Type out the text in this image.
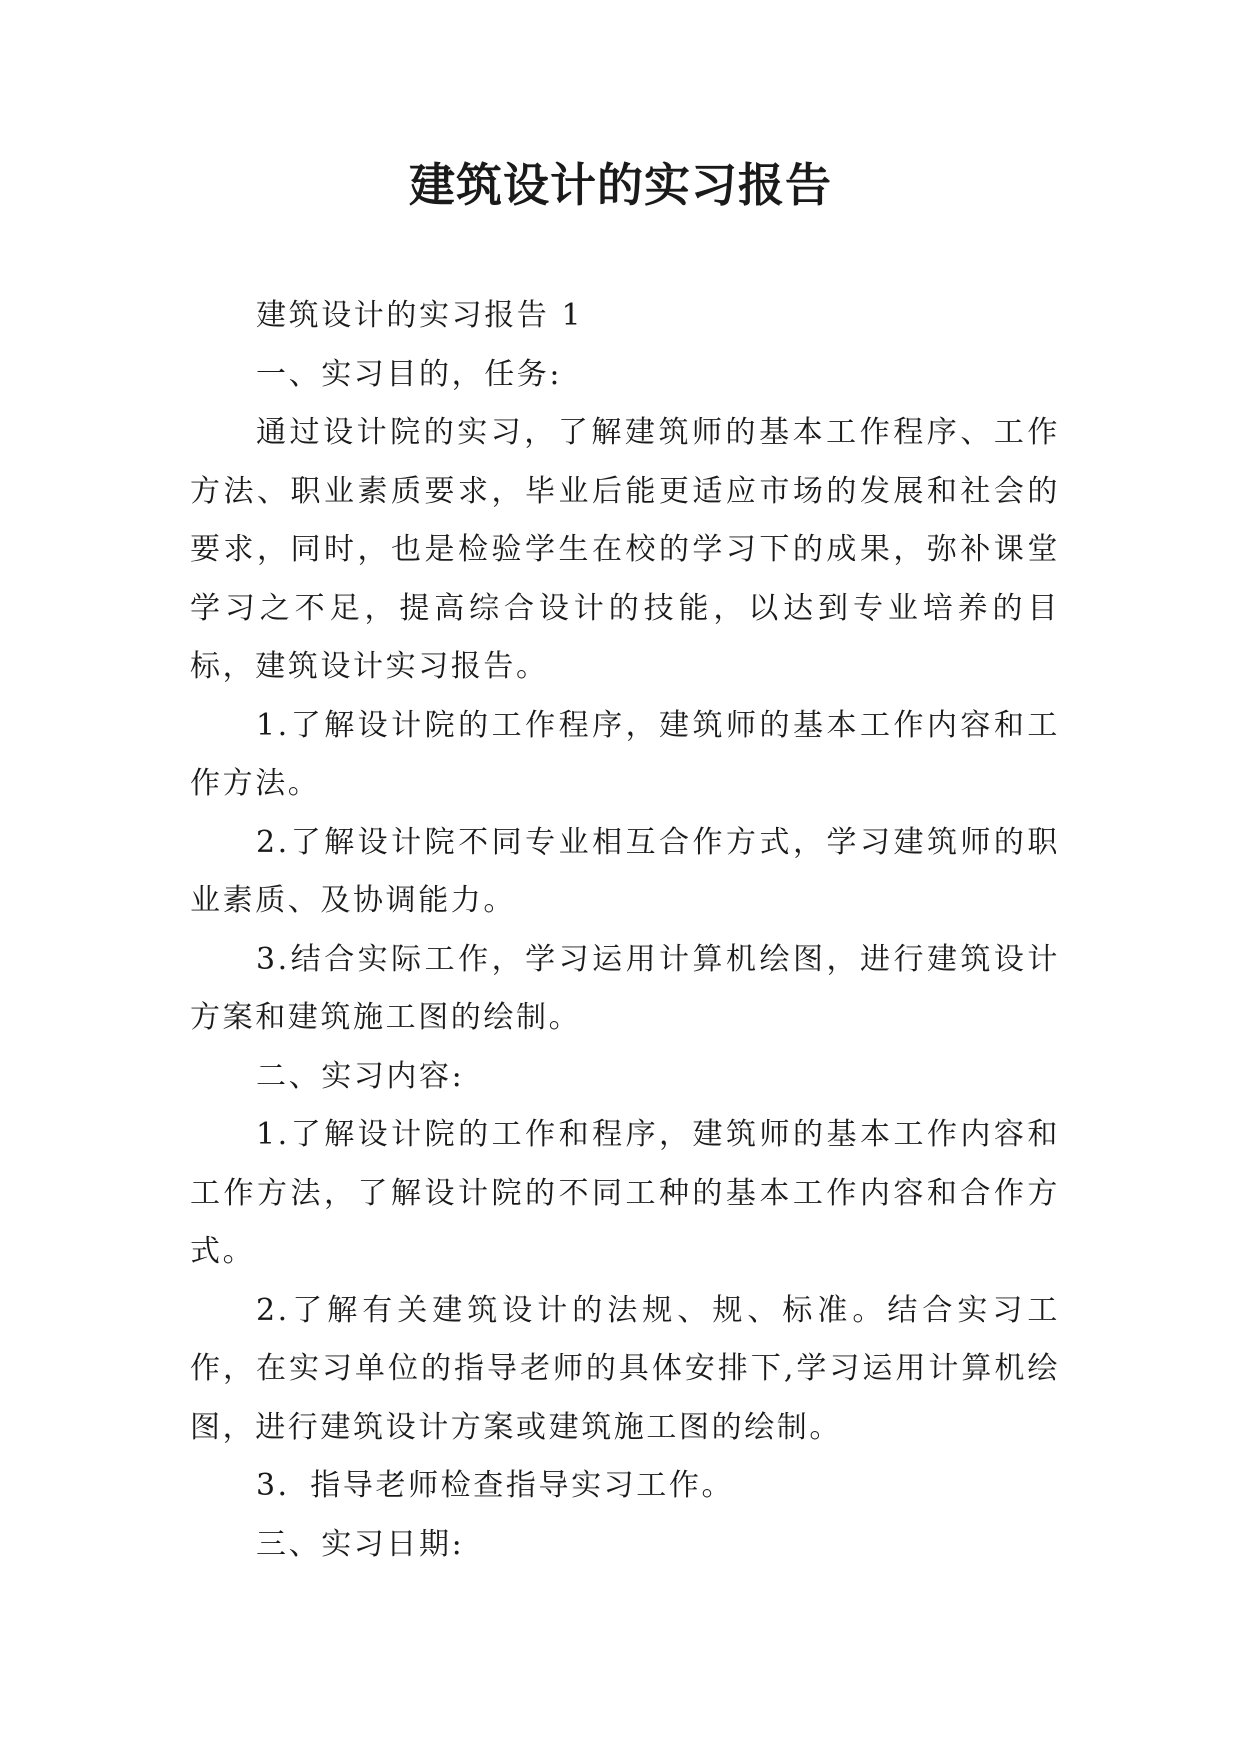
建筑设计的实习报告

建筑设计的实习报告 1

一、实习目的，任务:

通过设计院的实习，了解建筑师的基本工作程序、工作方法、职业素质要求，毕业后能更适应市场的发展和社会的要求，同时，也是检验学生在校的学习下的成果，弥补课堂学习之不足，提高综合设计的技能，以达到专业培养的目标，建筑设计实习报告。

1.了解设计院的工作程序，建筑师的基本工作内容和工作方法。

2.了解设计院不同专业相互合作方式，学习建筑师的职业素质、及协调能力。

3.结合实际工作，学习运用计算机绘图，进行建筑设计方案和建筑施工图的绘制。

二、实习内容:

1.了解设计院的工作和程序，建筑师的基本工作内容和工作方法，了解设计院的不同工种的基本工作内容和合作方式。

2.了解有关建筑设计的法规、规、标准。结合实习工作，在实习单位的指导老师的具体安排下,学习运用计算机绘图，进行建筑设计方案或建筑施工图的绘制。

3．指导老师检查指导实习工作。

三、实习日期:
